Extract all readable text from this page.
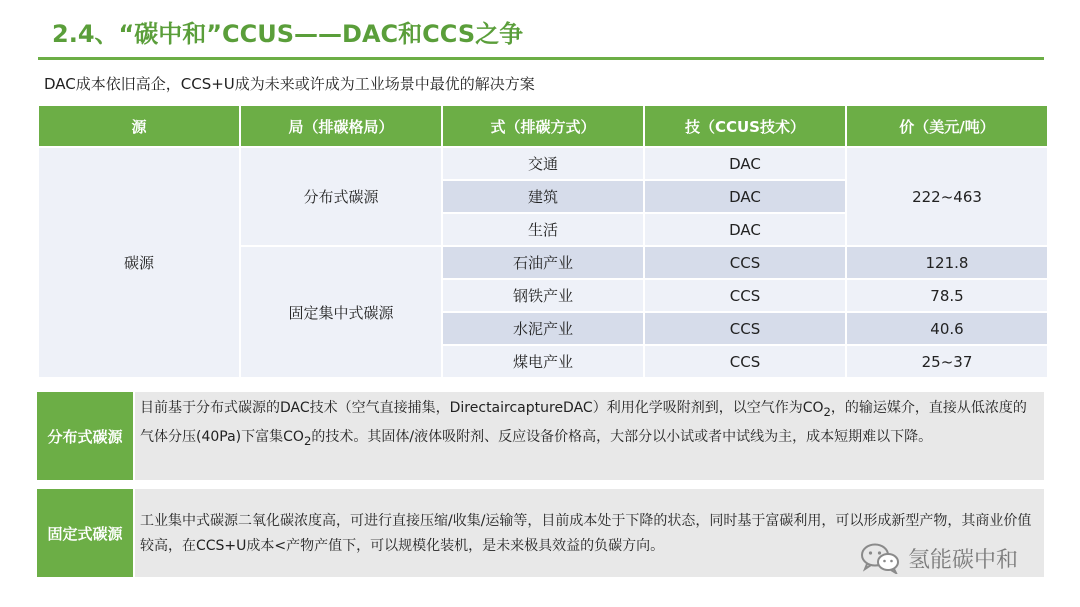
2.4、“碳中和”CCUS——DAC和CCS之争
DAC成本依旧高企，CCS+U成为未来或许成为工业场景中最优的解决方案
源	局（排碳格局）	式（排碳方式）	技（CCUS技术）	价（美元/吨）
碳源	分布式碳源	交通	DAC	222~463
		建筑	DAC	
		生活	DAC	
	固定集中式碳源	石油产业	CCS	121.8
		钢铁产业	CCS	78.5
		水泥产业	CCS	40.6
		煤电产业	CCS	25~37
分布式碳源
目前基于分布式碳源的DAC技术（空气直接捕集，DirectaircaptureDAC）利用化学吸附剂到，以空气作为$CO_2$，的输运媒介，直接从低浓度的气体分压(40Pa)下富集$CO_2$的技术。其固体/液体吸附剂、反应设备价格高，大部分以小试或者中试线为主，成本短期难以下降。
固定式碳源
工业集中式碳源二氧化碳浓度高，可进行直接压缩/收集/运输等，目前成本处于下降的状态，同时基于富碳利用，可以形成新型产物，其商业价值较高，在CCS+U成本<产物产值下，可以规模化装机，是未来极具效益的负碳方向。
氢能碳中和
